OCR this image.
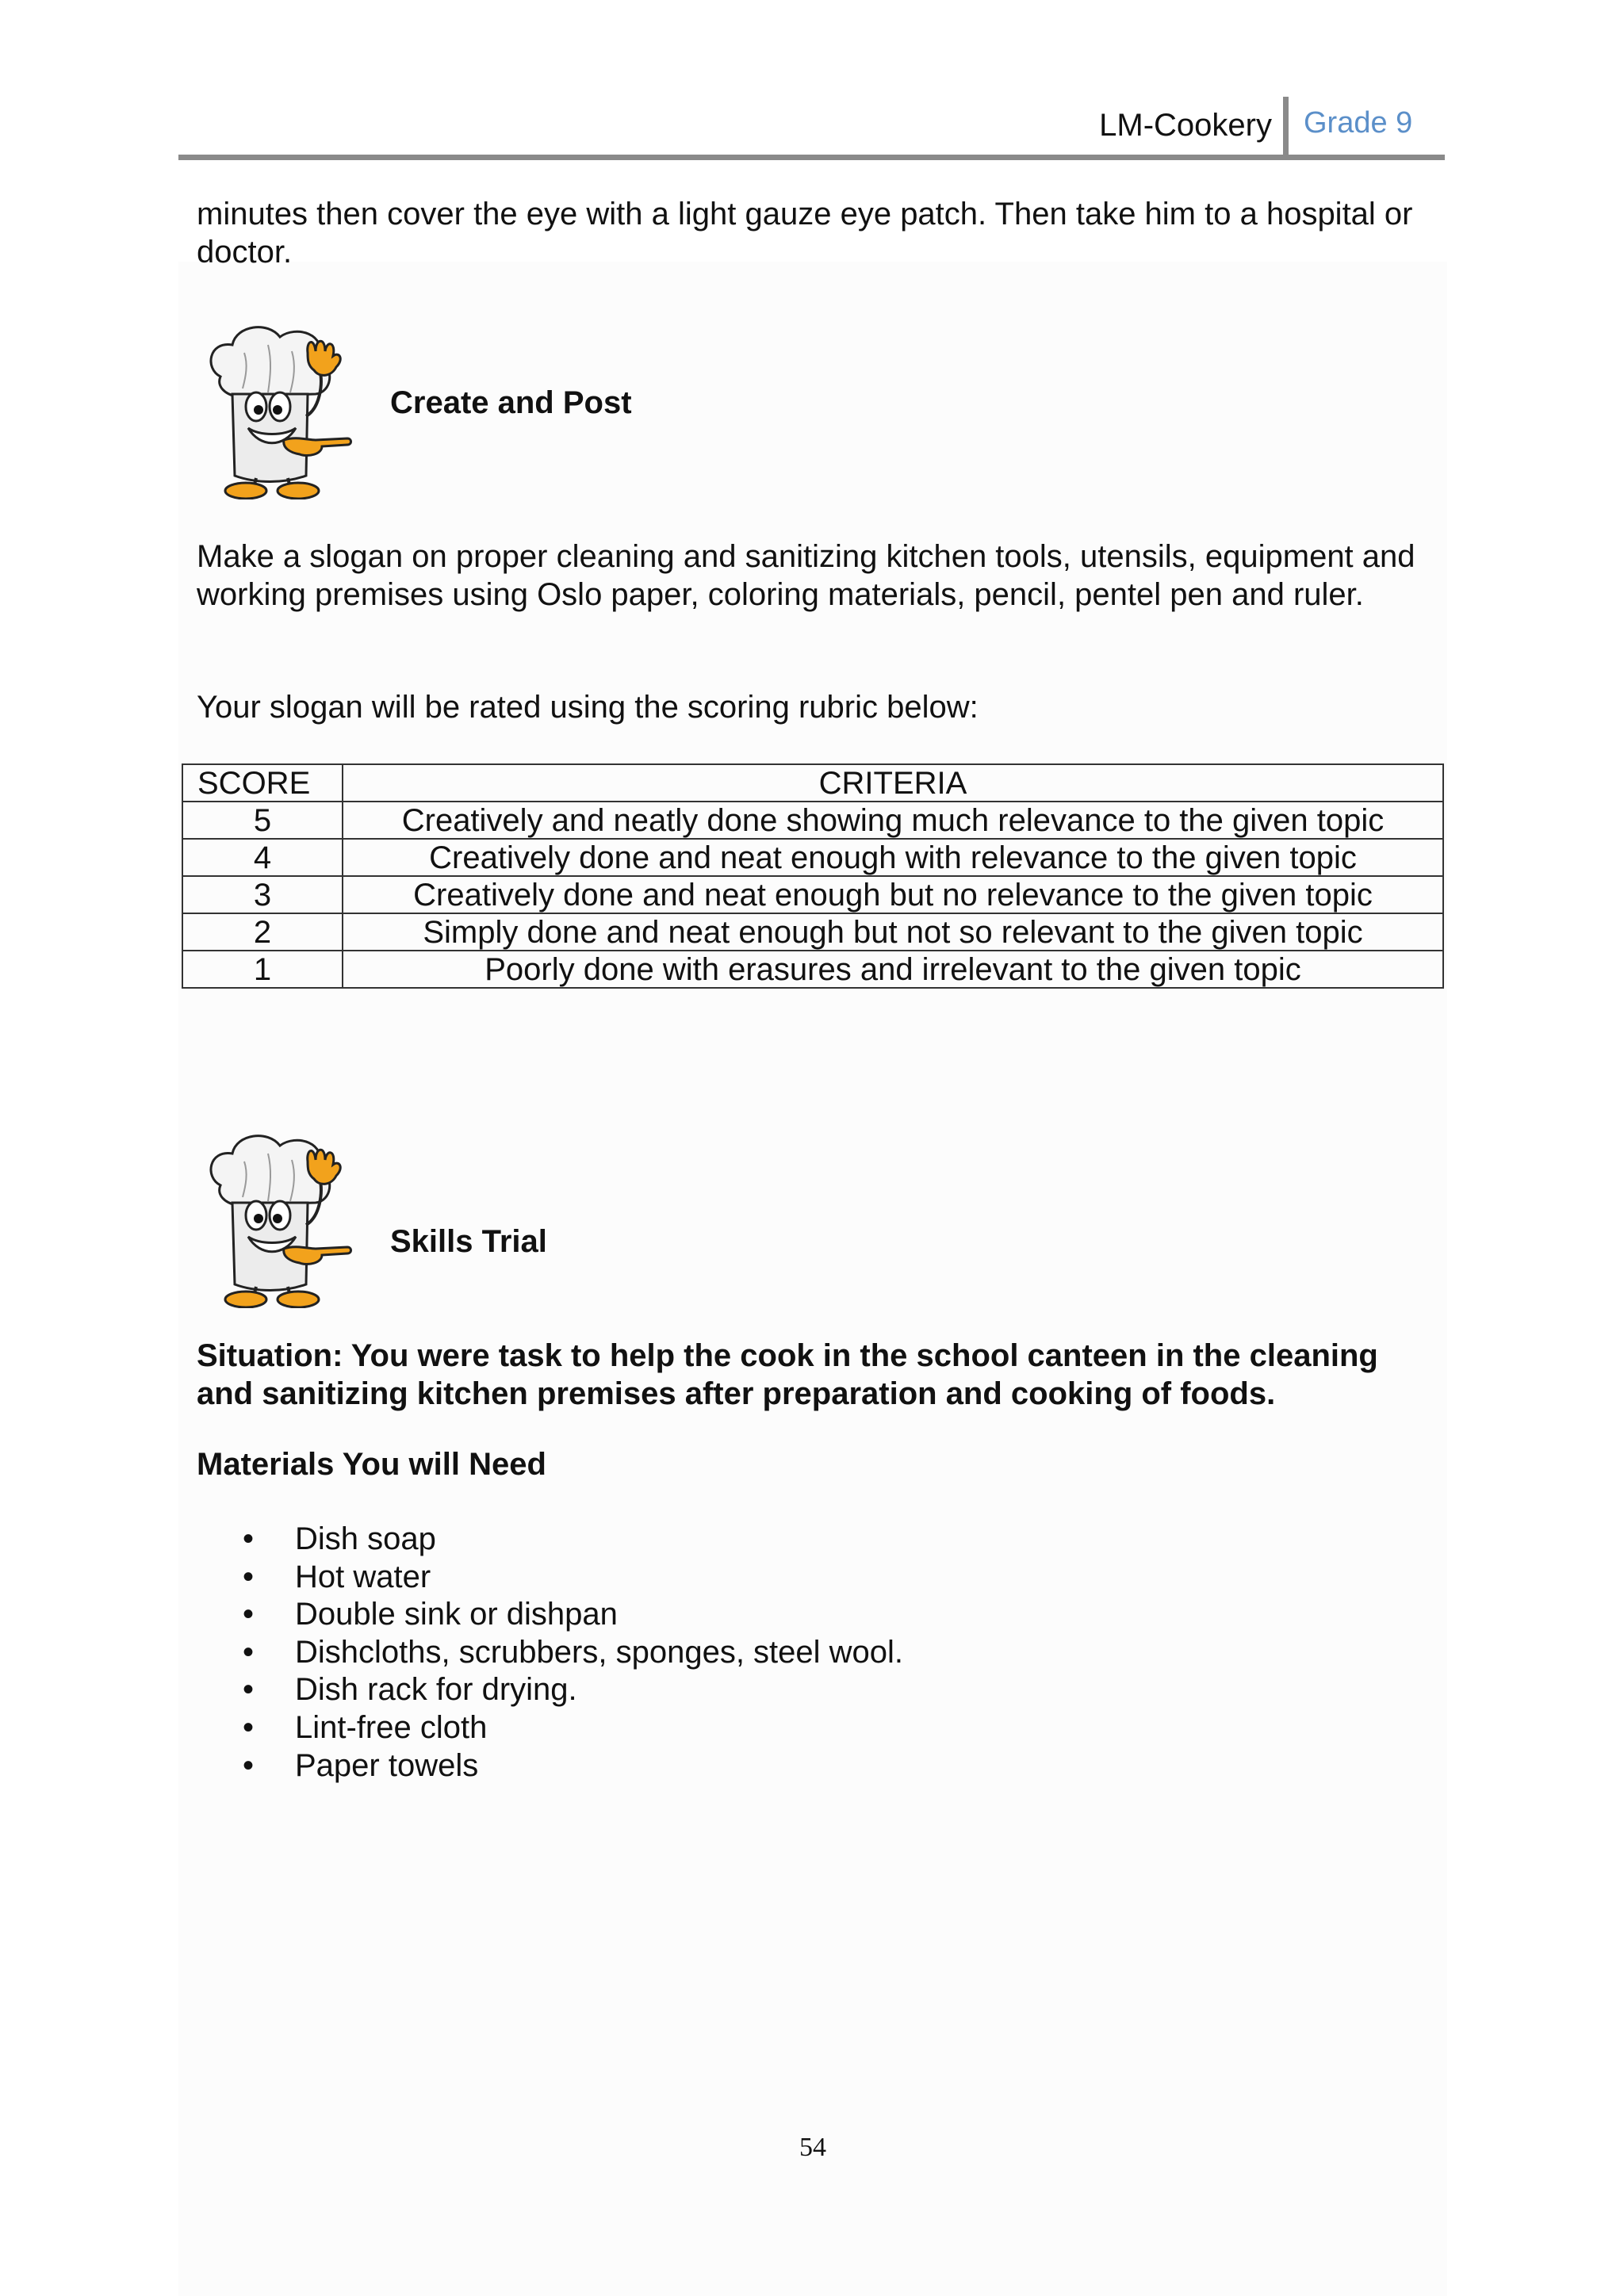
LM-Cookery Grade 9

minutes then cover the eye with a light gauze eye patch. Then take him to a hospital or doctor.

Create and Post

Make a slogan on proper cleaning and sanitizing kitchen tools, utensils, equipment and working premises using Oslo paper, coloring materials, pencil, pentel pen and ruler.

Your slogan will be rated using the scoring rubric below:

SCORE	CRITERIA
5	Creatively and neatly done showing much relevance to the given topic
4	Creatively done and neat enough with relevance to the given topic
3	Creatively done and neat enough but no relevance to the given topic
2	Simply done and neat enough but not so relevant to the given topic
1	Poorly done with erasures and irrelevant to the given topic
Skills Trial

Situation: You were task to help the cook in the school canteen in the cleaning and sanitizing kitchen premises after preparation and cooking of foods.

Materials You will Need

• Dish soap
• Hot water
• Double sink or dishpan
• Dishcloths, scrubbers, sponges, steel wool.
• Dish rack for drying.
• Lint-free cloth
• Paper towels
54
